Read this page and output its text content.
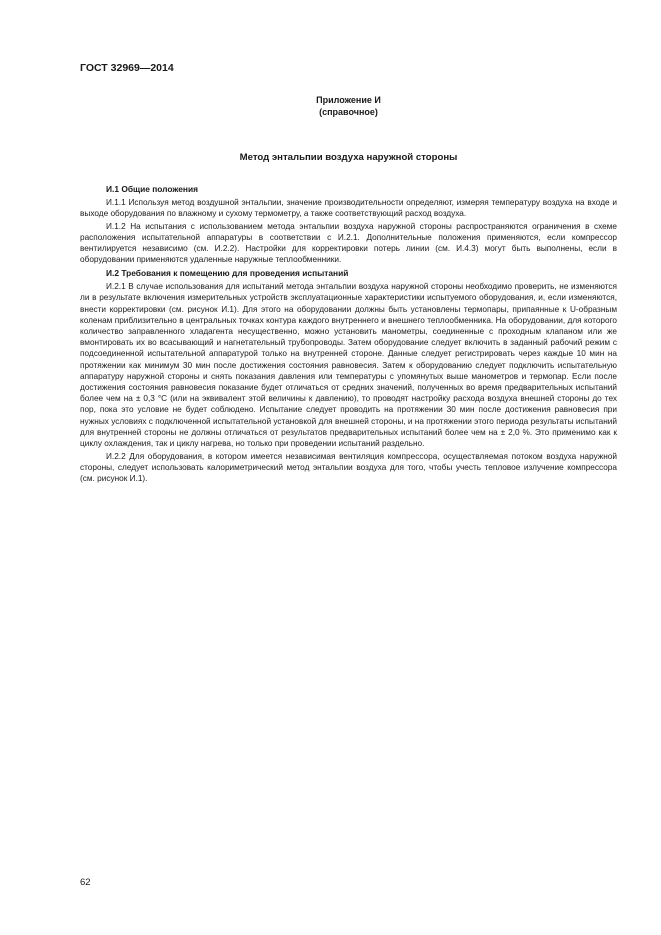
ГОСТ 32969—2014
Приложение И
(справочное)
Метод энтальпии воздуха наружной стороны
И.1 Общие положения

И.1.1 Используя метод воздушной энтальпии, значение производительности определяют, измеряя температуру воздуха на входе и выходе оборудования по влажному и сухому термометру, а также соответствующий расход воздуха.

И.1.2 На испытания с использованием метода энтальпии воздуха наружной стороны распространяются ограничения в схеме расположения испытательной аппаратуры в соответствии с И.2.1. Дополнительные положения применяются, если компрессор вентилируется независимо (см. И.2.2). Настройки для корректировки потерь линии (см. И.4.3) могут быть выполнены, если в оборудовании применяются удаленные наружные теплообменники.

И.2 Требования к помещению для проведения испытаний

И.2.1 В случае использования для испытаний метода энтальпии воздуха наружной стороны необходимо проверить, не изменяются ли в результате включения измерительных устройств эксплуатационные характеристики испытуемого оборудования, и, если изменяются, внести корректировки (см. рисунок И.1). Для этого на оборудовании должны быть установлены термопары, припаянные к U-образным коленам приблизительно в центральных точках контура каждого внутреннего и внешнего теплообменника. На оборудовании, для которого количество заправленного хладагента несущественно, можно установить манометры, соединенные с проходным клапаном или же вмонтировать их во всасывающий и нагнетательный трубопроводы. Затем оборудование следует включить в заданный рабочий режим с подсоединенной испытательной аппаратурой только на внутренней стороне. Данные следует регистрировать через каждые 10 мин на протяжении как минимум 30 мин после достижения состояния равновесия. Затем к оборудованию следует подключить испытательную аппаратуру наружной стороны и снять показания давления или температуры с упомянутых выше манометров и термопар. Если после достижения состояния равновесия показание будет отличаться от средних значений, полученных во время предварительных испытаний более чем на ± 0,3 °С (или на эквивалент этой величины к давлению), то проводят настройку расхода воздуха внешней стороны до тех пор, пока это условие не будет соблюдено. Испытание следует проводить на протяжении 30 мин после достижения равновесия при нужных условиях с подключенной испытательной установкой для внешней стороны, и на протяжении этого периода результаты испытаний для внутренней стороны не должны отличаться от результатов предварительных испытаний более чем на ± 2,0 %. Это применимо как к циклу охлаждения, так и циклу нагрева, но только при проведении испытаний раздельно.

И.2.2 Для оборудования, в котором имеется независимая вентиляция компрессора, осуществляемая потоком воздуха наружной стороны, следует использовать калориметрический метод энтальпии воздуха для того, чтобы учесть тепловое излучение компрессора (см. рисунок И.1).

62
